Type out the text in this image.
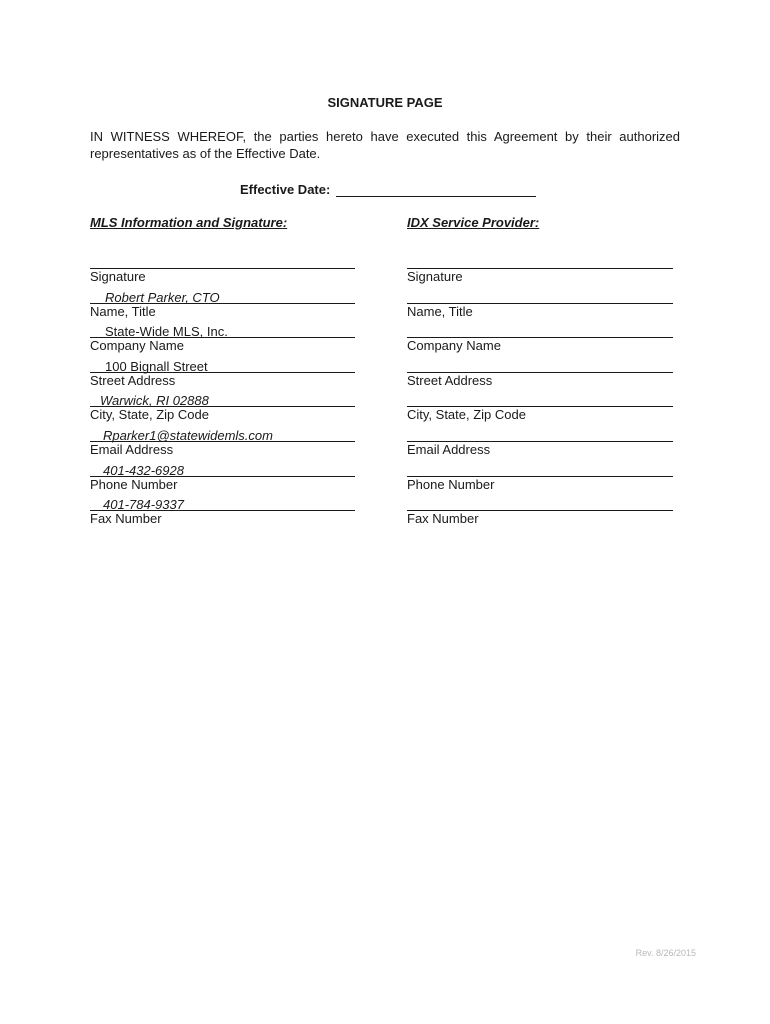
SIGNATURE PAGE
IN WITNESS WHEREOF, the parties hereto have executed this Agreement by their authorized representatives as of the Effective Date.
Effective Date:
MLS Information and Signature:	IDX Service Provider:
Signature
Robert Parker, CTO
Name, Title
State-Wide MLS, Inc.
Company Name
100 Bignall Street
Street Address
Warwick, RI 02888
City, State, Zip Code
Rparker1@statewidemls.com
Email Address
401-432-6928
Phone Number
401-784-9337
Fax Number
Signature
Name, Title
Company Name
Street Address
City, State, Zip Code
Email Address
Phone Number
Fax Number
Rev. 8/26/2015
